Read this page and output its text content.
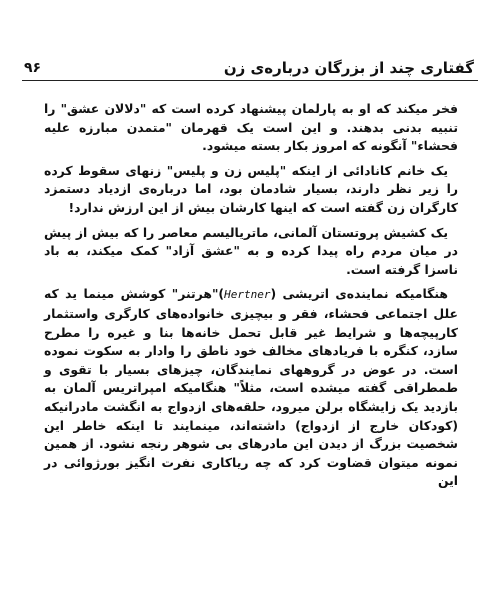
۹۶	گفتاری چند از بزرگان درباره‌ی زن

فخر میکند که او به پارلمان پیشنهاد کرده است که "دلالان عشق" را تنبیه بدنی بدهند. و این است یک قهرمان "متمدن مبارزه علیه فحشاء" آنگونه که امروز بکار بسته میشود.

یک خانم کانادائی از اینکه "پلیس زن و پلیس" زنهای سقوط کرده را زیر نظر دارند، بسیار شادمان بود، اما درباره‌ی ازدیاد دستمزد کارگران زن گفته است که اینها کارشان بیش از این ارزش ندارد!

یک کشیش پروتستان آلمانی، ماتریالیسم معاصر را که بیش از پیش در میان مردم راه پیدا کرده و به "عشق آزاد" کمک میکند، به باد ناسزا گرفته است.

هنگامیکه نماینده‌ی اتریشی (Hertner)"هرتنر" کوشش مینما ید که علل اجتماعی فحشاء، فقر و بیچیزی خانواده‌های کارگری واستثمار کارپیچه‌ها و شرایط غیر قابل تحمل خانه‌ها بنا و غیره را مطرح سازد، کنگره با فریادهای مخالف خود ناطق را وادار به سکوت نموده است. در عوض در گروههای نمایندگان، چیزهای بسیار با تقوی و طمطراقی گفته میشده است، مثلاً" هنگامیکه امپراتریس آلمان به بازدید یک زایشگاه برلن میرود، حلقه‌های ازدواج به انگشت مادرانیکه (کودکان خارج از ازدواج) داشته‌اند، مینمایند تا اینکه خاطر این شخصیت بزرگ از دیدن این مادرهای بی شوهر رنجه نشود. از همین نمونه میتوان قضاوت کرد که چه ریاکاری نفرت انگیز بورژوائی در این
